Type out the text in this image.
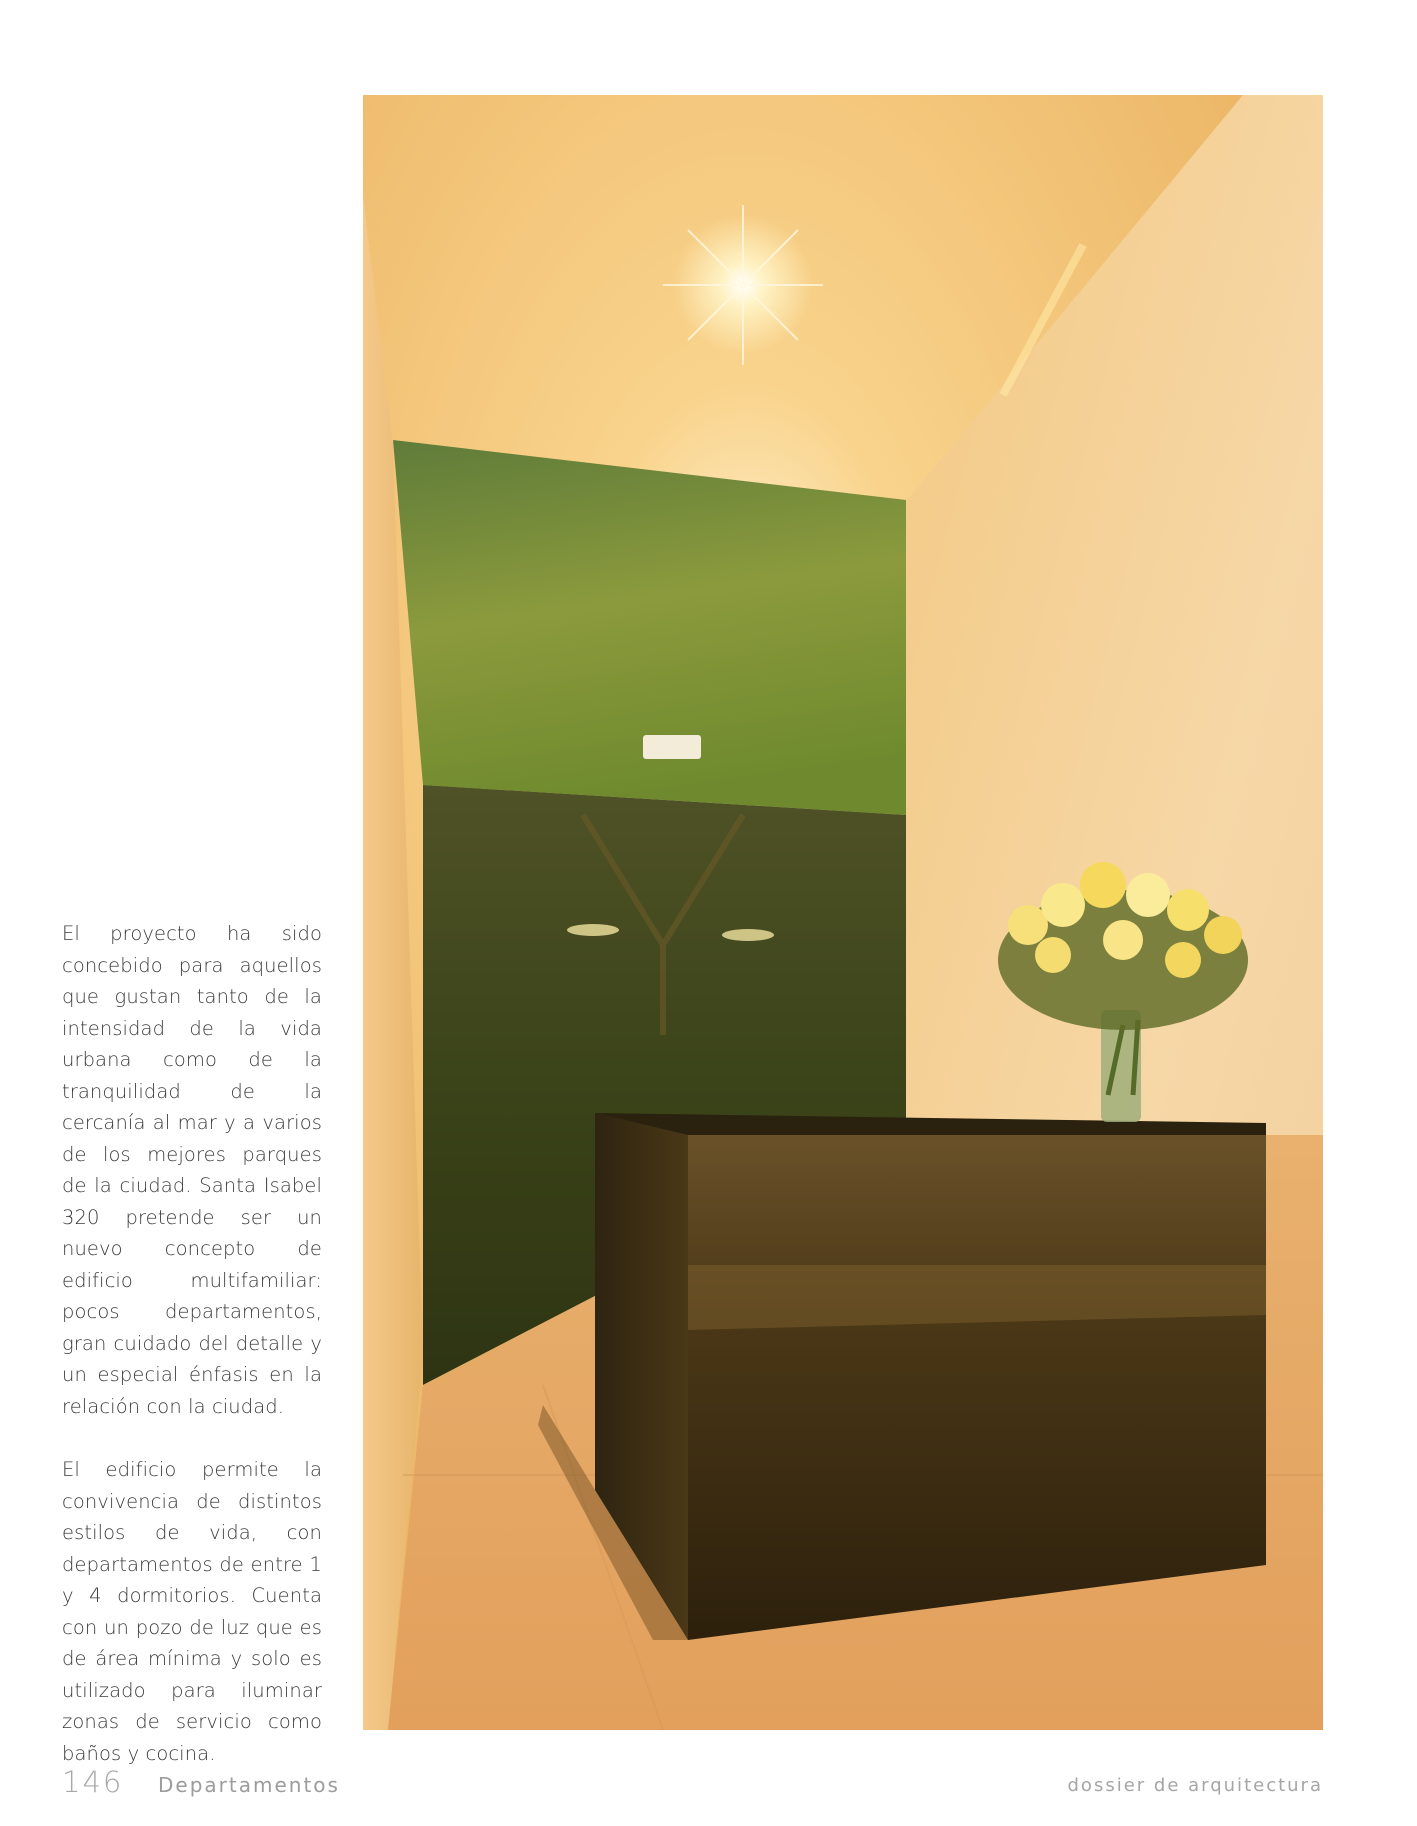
El proyecto ha sido concebido para aquellos que gustan tanto de la intensidad de la vida urbana como de la tranquilidad de la cercanía al mar y a varios de los mejores parques de la ciudad. Santa Isabel 320 pretende ser un nuevo concepto de edificio multifamiliar: pocos departamentos, gran cuidado del detalle y un especial énfasis en la relación con la ciudad.

El edificio permite la convivencia de distintos estilos de vida, con departamentos de entre 1 y 4 dormitorios. Cuenta con un pozo de luz que es de área mínima y solo es utilizado para iluminar zonas de servicio como baños y cocina.

146 Departamentos	dossier de arquitectura
